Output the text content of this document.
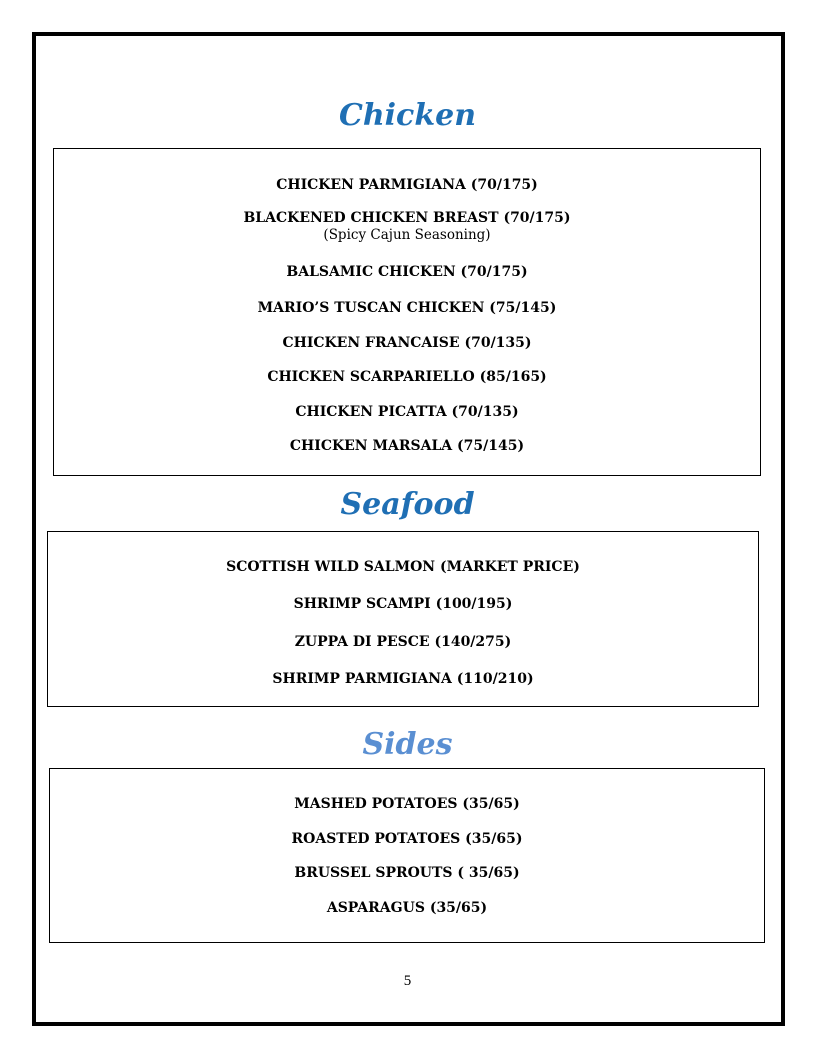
Chicken
CHICKEN PARMIGIANA (70/175)
BLACKENED CHICKEN BREAST (70/175)
(Spicy Cajun Seasoning)
BALSAMIC CHICKEN (70/175)
MARIO’S TUSCAN CHICKEN (75/145)
CHICKEN FRANCAISE (70/135)
CHICKEN SCARPARIELLO (85/165)
CHICKEN PICATTA (70/135)
CHICKEN MARSALA (75/145)
Seafood
SCOTTISH WILD SALMON (MARKET PRICE)
SHRIMP SCAMPI (100/195)
ZUPPA DI PESCE (140/275)
SHRIMP PARMIGIANA (110/210)
Sides
MASHED POTATOES (35/65)
ROASTED POTATOES (35/65)
BRUSSEL SPROUTS ( 35/65)
ASPARAGUS (35/65)
5
